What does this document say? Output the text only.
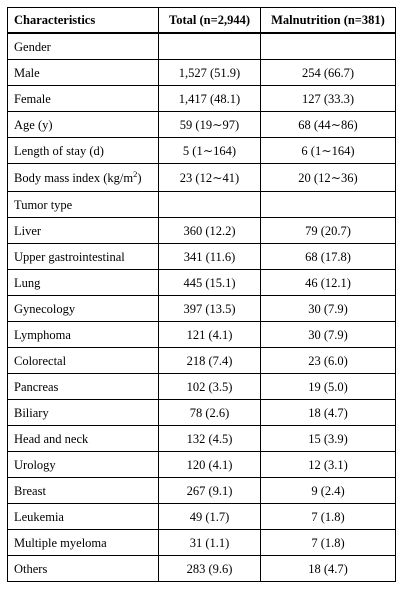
Characteristics	Total (n=2,944)	Malnutrition (n=381)
Gender		
Male	1,527 (51.9)	254 (66.7)
Female	1,417 (48.1)	127 (33.3)
Age (y)	59 (19∼97)	68 (44∼86)
Length of stay (d)	5 (1∼164)	6 (1∼164)
Body mass index $(kg/m^2)$	23 (12∼41)	20 (12∼36)
Tumor type		
Liver	360 (12.2)	79 (20.7)
Upper gastrointestinal	341 (11.6)	68 (17.8)
Lung	445 (15.1)	46 (12.1)
Gynecology	397 (13.5)	30 (7.9)
Lymphoma	121 (4.1)	30 (7.9)
Colorectal	218 (7.4)	23 (6.0)
Pancreas	102 (3.5)	19 (5.0)
Biliary	78 (2.6)	18 (4.7)
Head and neck	132 (4.5)	15 (3.9)
Urology	120 (4.1)	12 (3.1)
Breast	267 (9.1)	9 (2.4)
Leukemia	49 (1.7)	7 (1.8)
Multiple myeloma	31 (1.1)	7 (1.8)
Others	283 (9.6)	18 (4.7)
